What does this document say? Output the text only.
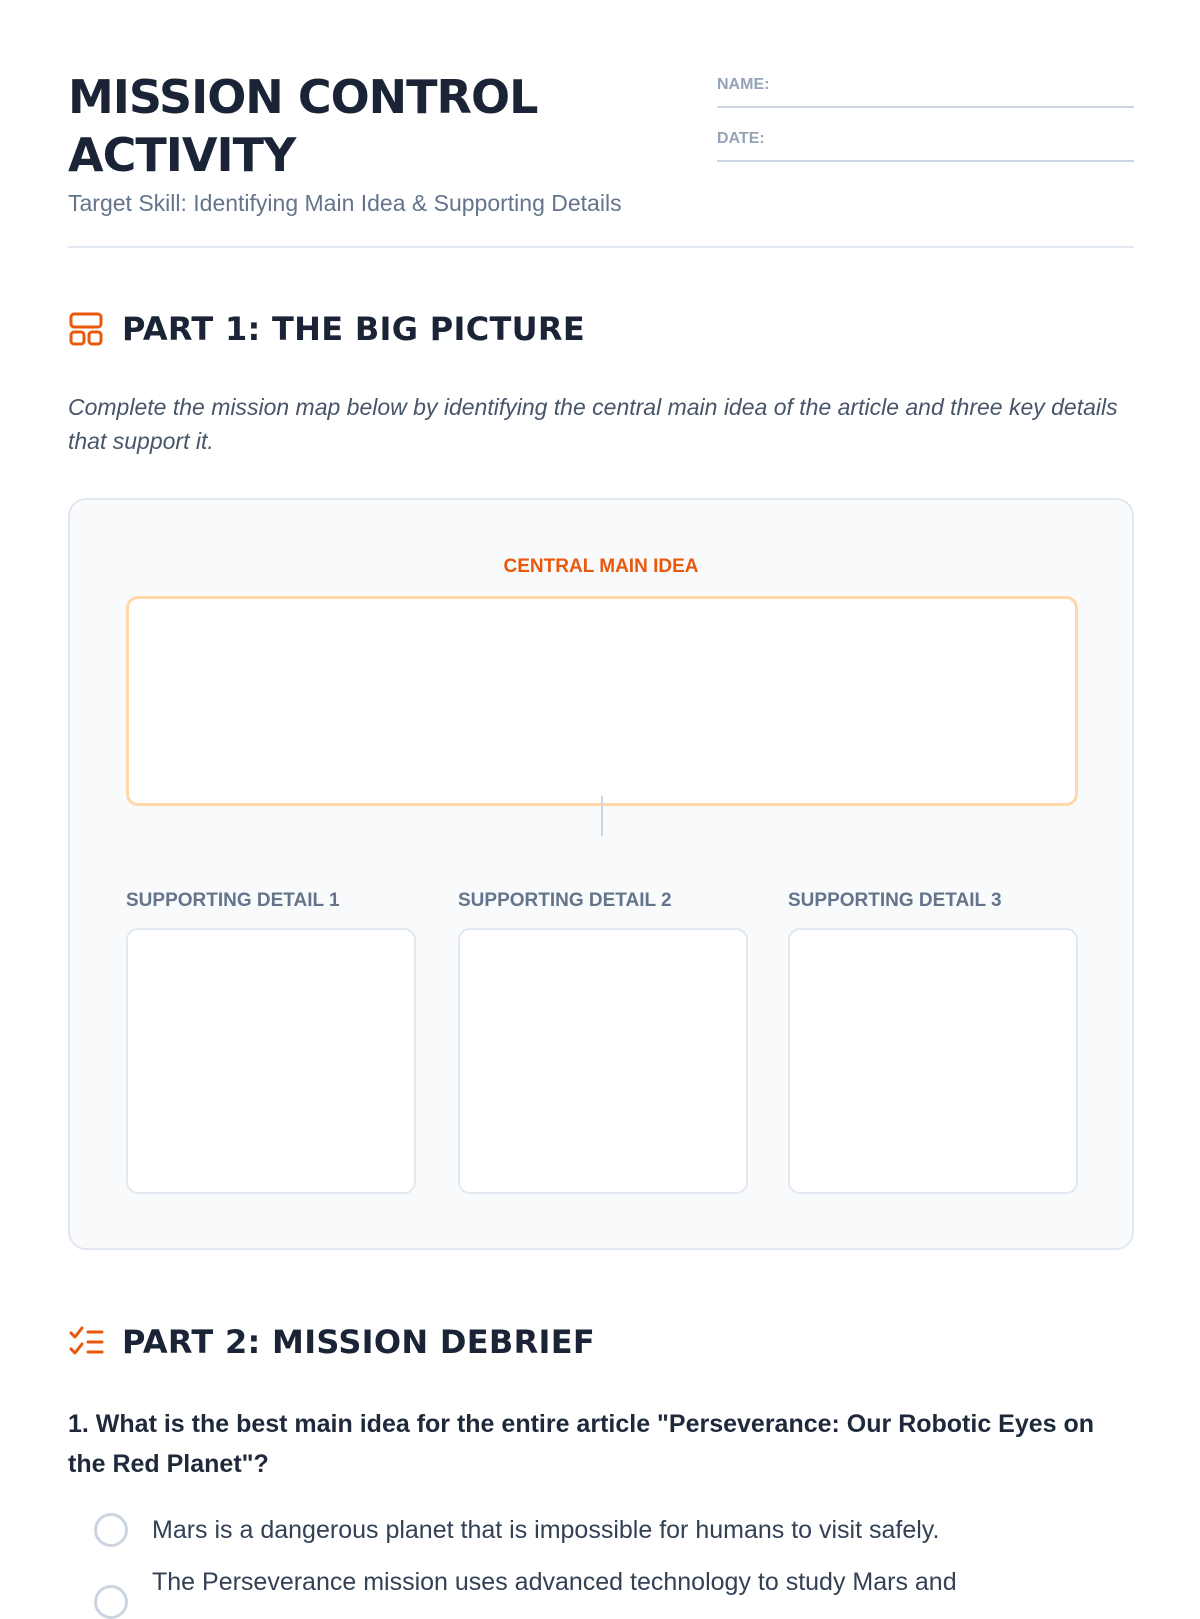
MISSION CONTROL ACTIVITY
Target Skill: Identifying Main Idea & Supporting Details
NAME:
DATE:
PART 1: THE BIG PICTURE

Complete the mission map below by identifying the central main idea of the article and three key details that support it.

CENTRAL MAIN IDEA
SUPPORTING DETAIL 1	SUPPORTING DETAIL 2	SUPPORTING DETAIL 3
PART 2: MISSION DEBRIEF

1. What is the best main idea for the entire article "Perseverance: Our Robotic Eyes on the Red Planet"?

Mars is a dangerous planet that is impossible for humans to visit safely.
The Perseverance mission uses advanced technology to study Mars and
